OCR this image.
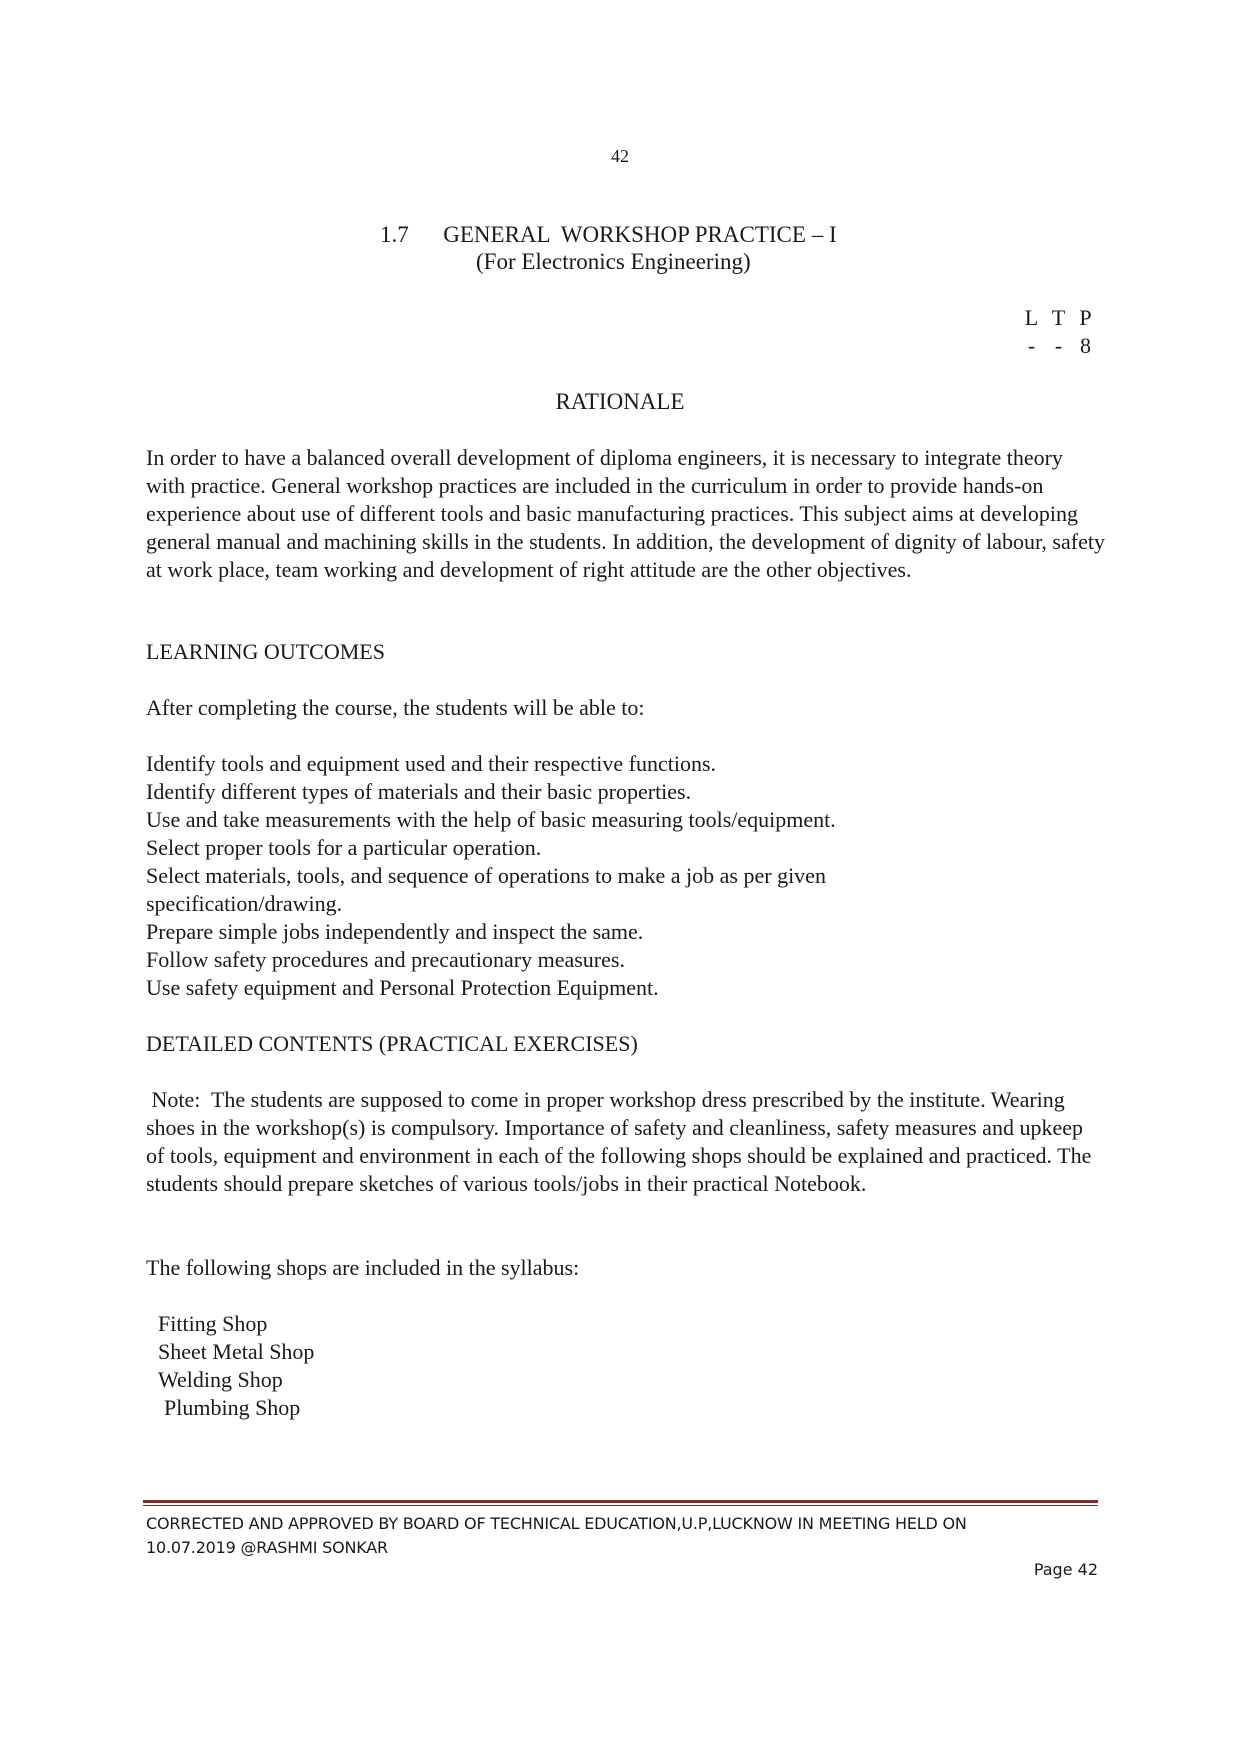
42
1.7 GENERAL  WORKSHOP PRACTICE – I
(For Electronics Engineering)
L T P
- - 8
RATIONALE

In order to have a balanced overall development of diploma engineers, it is necessary to integrate theory with practice. General workshop practices are included in the curriculum in order to provide hands-on experience about use of different tools and basic manufacturing practices. This subject aims at developing general manual and machining skills in the students. In addition, the development of dignity of labour, safety at work place, team working and development of right attitude are the other objectives.

LEARNING OUTCOMES
After completing the course, the students will be able to:

Identify tools and equipment used and their respective functions.

Identify different types of materials and their basic properties.

Use and take measurements with the help of basic measuring tools/equipment.

Select proper tools for a particular operation.

Select materials, tools, and sequence of operations to make a job as per given specification/drawing.

Prepare simple jobs independently and inspect the same.

Follow safety procedures and precautionary measures.

Use safety equipment and Personal Protection Equipment.

DETAILED CONTENTS (PRACTICAL EXERCISES)

Note:  The students are supposed to come in proper workshop dress prescribed by the institute. Wearing shoes in the workshop(s) is compulsory. Importance of safety and cleanliness, safety measures and upkeep of tools, equipment and environment in each of the following shops should be explained and practiced. The students should prepare sketches of various tools/jobs in their practical Notebook.

The following shops are included in the syllabus:

Fitting Shop

Sheet Metal Shop

Welding Shop

Plumbing Shop

CORRECTED AND APPROVED BY BOARD OF TECHNICAL EDUCATION,U.P,LUCKNOW IN MEETING HELD ON
10.07.2019 @RASHMI SONKAR
Page 42
